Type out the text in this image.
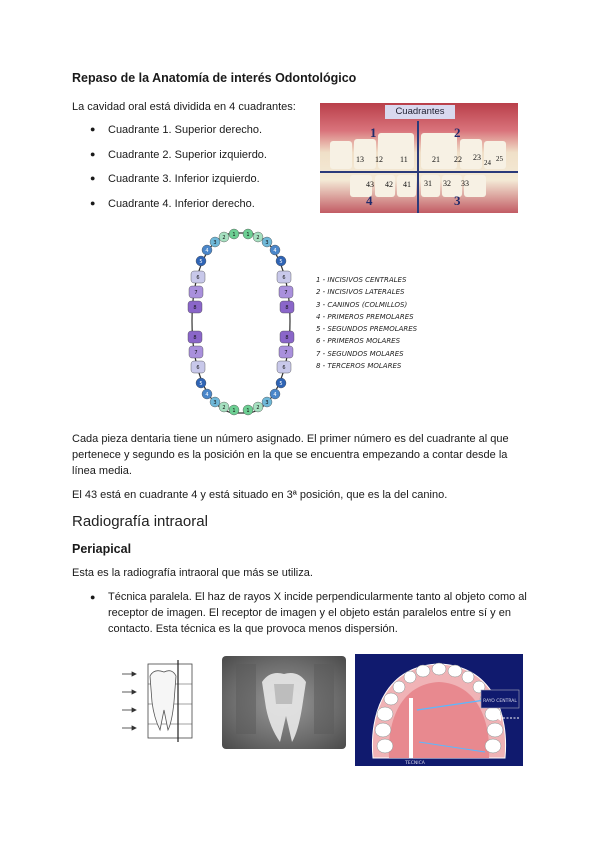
Repaso de la Anatomía de interés Odontológico
La cavidad oral está dividida en 4 cuadrantes:
● Cuadrante 1. Superior derecho.
● Cuadrante 2. Superior izquierdo.
● Cuadrante 3. Inferior izquierdo.
● Cuadrante 4. Inferior derecho.
Cuadrantes
1	2
3
4
13 12 11	21 22 23
24 25
43 42 41 31 32 33
1 1
1 1
2	2
2	2
3	3
3	3
4	4
4	4
5	5
5	5
6	6
6	6
7	7
7	7
8	8
8	8
1 - INCISIVOS CENTRALES
2 - INCISIVOS LATERALES
3 - CANINOS (COLMILLOS)
4 - PRIMEROS PREMOLARES
5 - SEGUNDOS PREMOLARES
6 - PRIMEROS MOLARES
7 - SEGUNDOS MOLARES
8 - TERCEROS MOLARES
Cada pieza dentaria tiene un número asignado. El primer número es del cuadrante al que pertenece y segundo es la posición en la que se encuentra empezando a contar desde la línea media.
El 43 está en cuadrante 4 y está situado en 3ª posición, que es la del canino.
Radiografía intraoral
Periapical
Esta es la radiografía intraoral que más se utiliza.
● Técnica paralela. El haz de rayos X incide perpendicularmente tanto al objeto como al receptor de imagen. El receptor de imagen y el objeto están paralelos entre sí y en contacto. Esta técnica es la que provoca menos dispersión.
RAYO CENTRAL
TECNICA
